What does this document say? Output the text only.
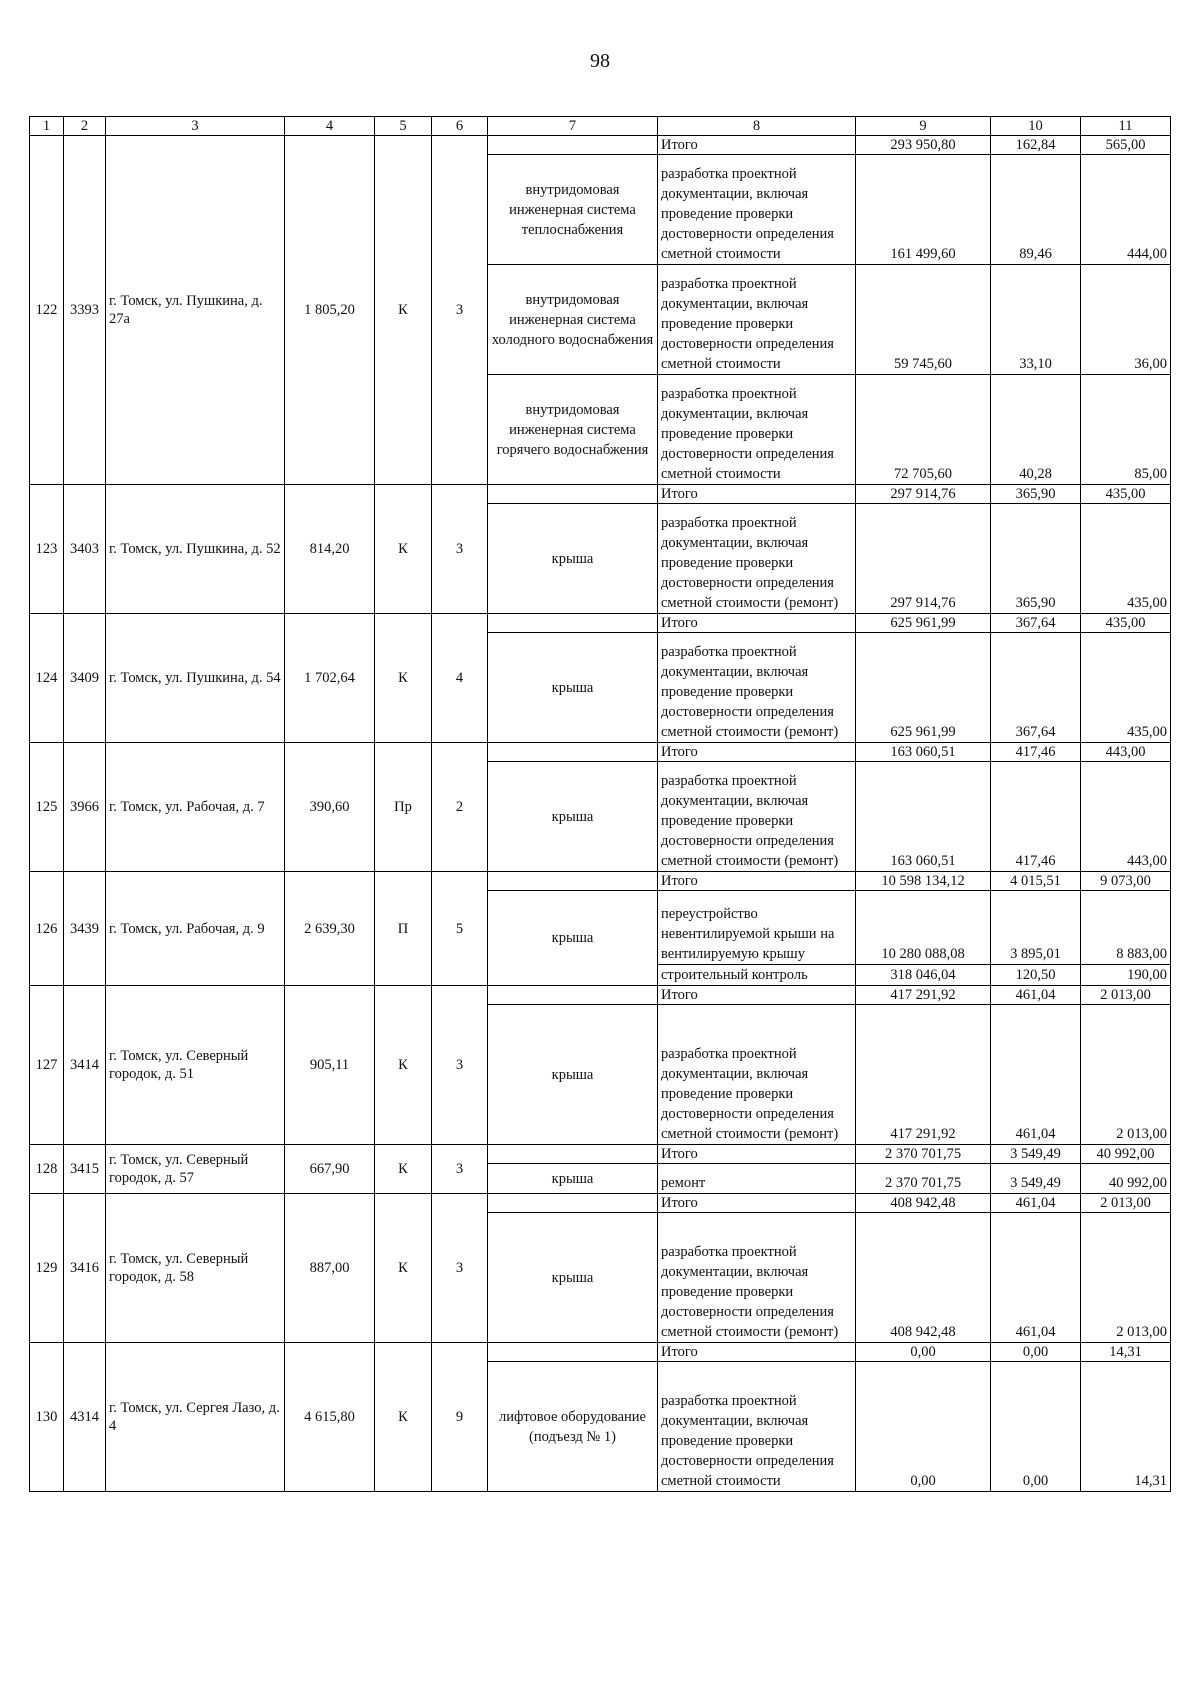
98
1	2	3	4	5	6	7	8	9	10	11
122	3393	г. Томск, ул. Пушкина, д. 27а	1 805,20	К	3		Итого	293 950,80	162,84	565,00
						внутридомовая инженерная система теплоснабжения	разработка проектной документации, включая проведение проверки достоверности определения сметной стоимости	161 499,60	89,46	444,00
						внутридомовая инженерная система холодного водоснабжения	разработка проектной документации, включая проведение проверки достоверности определения сметной стоимости	59 745,60	33,10	36,00
						внутридомовая инженерная система горячего водоснабжения	разработка проектной документации, включая проведение проверки достоверности определения сметной стоимости	72 705,60	40,28	85,00
123	3403	г. Томск, ул. Пушкина, д. 52	814,20	К	3		Итого	297 914,76	365,90	435,00
						крыша	разработка проектной документации, включая проведение проверки достоверности определения сметной стоимости (ремонт)	297 914,76	365,90	435,00
124	3409	г. Томск, ул. Пушкина, д. 54	1 702,64	К	4		Итого	625 961,99	367,64	435,00
						крыша	разработка проектной документации, включая проведение проверки достоверности определения сметной стоимости (ремонт)	625 961,99	367,64	435,00
125	3966	г. Томск, ул. Рабочая, д. 7	390,60	Пр	2		Итого	163 060,51	417,46	443,00
						крыша	разработка проектной документации, включая проведение проверки достоверности определения сметной стоимости (ремонт)	163 060,51	417,46	443,00
126	3439	г. Томск, ул. Рабочая, д. 9	2 639,30	П	5		Итого	10 598 134,12	4 015,51	9 073,00
						крыша	переустройство невентилируемой крыши на вентилируемую крышу	10 280 088,08	3 895,01	8 883,00
							строительный контроль	318 046,04	120,50	190,00
127	3414	г. Томск, ул. Северный городок, д. 51	905,11	К	3		Итого	417 291,92	461,04	2 013,00
						крыша	разработка проектной документации, включая проведение проверки достоверности определения сметной стоимости (ремонт)	417 291,92	461,04	2 013,00
128	3415	г. Томск, ул. Северный городок, д. 57	667,90	К	3		Итого	2 370 701,75	3 549,49	40 992,00
						крыша	ремонт	2 370 701,75	3 549,49	40 992,00
129	3416	г. Томск, ул. Северный городок, д. 58	887,00	К	3		Итого	408 942,48	461,04	2 013,00
						крыша	разработка проектной документации, включая проведение проверки достоверности определения сметной стоимости (ремонт)	408 942,48	461,04	2 013,00
130	4314	г. Томск, ул. Сергея Лазо, д. 4	4 615,80	К	9		Итого	0,00	0,00	14,31
						лифтовое оборудование (подъезд № 1)	разработка проектной документации, включая проведение проверки достоверности определения сметной стоимости	0,00	0,00	14,31
